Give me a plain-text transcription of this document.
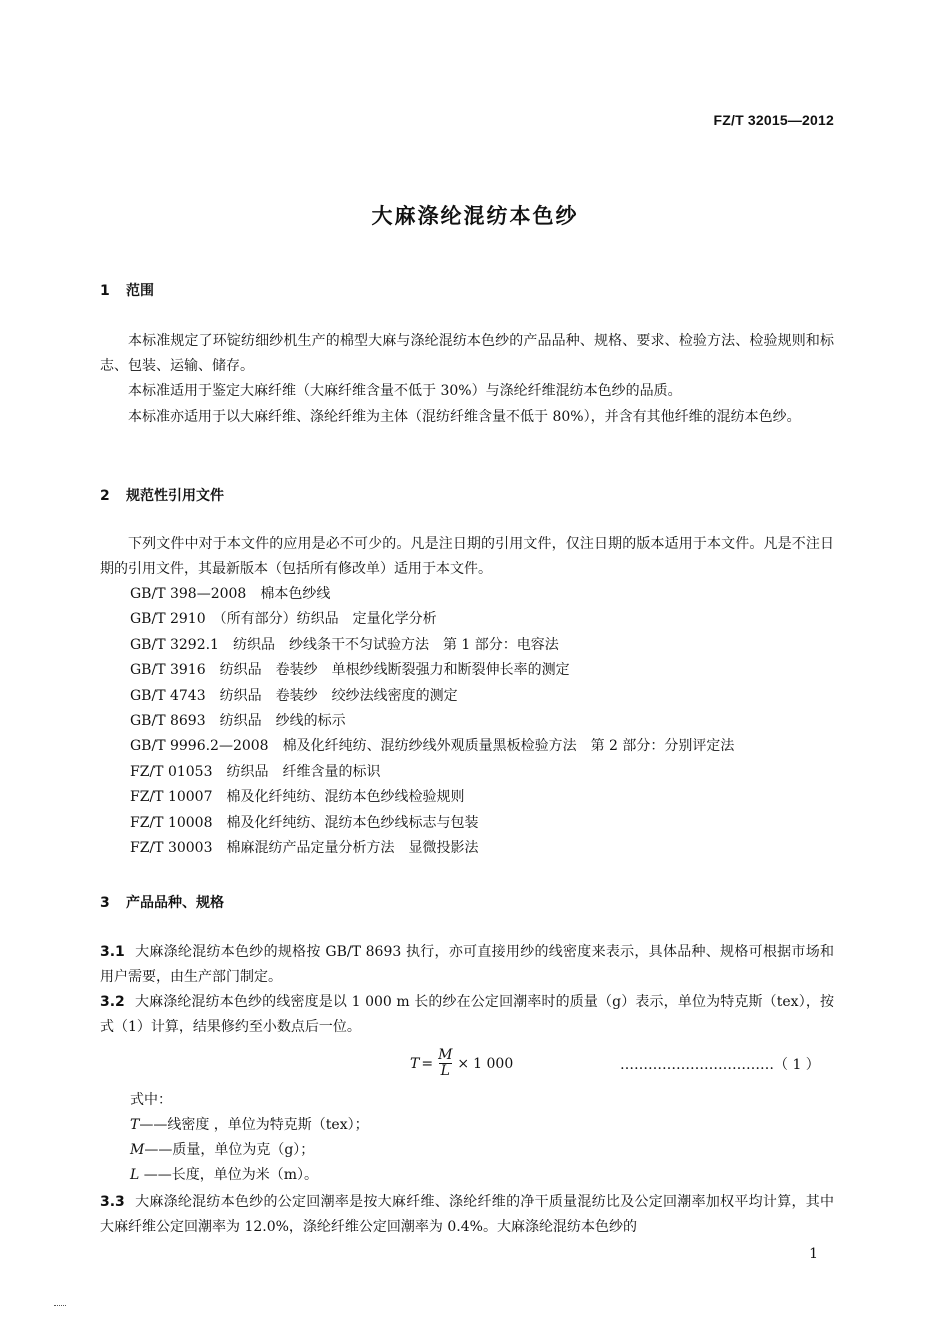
FZ/T 32015—2012
大麻涤纶混纺本色纱
1 范围
本标准规定了环锭纺细纱机生产的棉型大麻与涤纶混纺本色纱的产品品种、规格、要求、检验方法、检验规则和标志、包装、运输、储存。
本标准适用于鉴定大麻纤维（大麻纤维含量不低于 30%）与涤纶纤维混纺本色纱的品质。
本标准亦适用于以大麻纤维、涤纶纤维为主体（混纺纤维含量不低于 80%），并含有其他纤维的混纺本色纱。
2 规范性引用文件
下列文件中对于本文件的应用是必不可少的。凡是注日期的引用文件，仅注日期的版本适用于本文件。凡是不注日期的引用文件，其最新版本（包括所有修改单）适用于本文件。
GB/T 398—2008　棉本色纱线
GB/T 2910　（所有部分）纺织品　定量化学分析
GB/T 3292.1　纺织品　纱线条干不匀试验方法　第 1 部分：电容法
GB/T 3916　纺织品　卷装纱　单根纱线断裂强力和断裂伸长率的测定
GB/T 4743　纺织品　卷装纱　绞纱法线密度的测定
GB/T 8693　纺织品　纱线的标示
GB/T 9996.2—2008　棉及化纤纯纺、混纺纱线外观质量黑板检验方法　第 2 部分：分别评定法
FZ/T 01053　纺织品　纤维含量的标识
FZ/T 10007　棉及化纤纯纺、混纺本色纱线检验规则
FZ/T 10008　棉及化纤纯纺、混纺本色纱线标志与包装
FZ/T 30003　棉麻混纺产品定量分析方法　显微投影法
3 产品品种、规格
3.1 大麻涤纶混纺本色纱的规格按 GB/T 8693 执行，亦可直接用纱的线密度来表示，具体品种、规格可根据市场和用户需要，由生产部门制定。
3.2 大麻涤纶混纺本色纱的线密度是以 1 000 m 长的纱在公定回潮率时的质量（g）表示，单位为特克斯（tex），按式（1）计算，结果修约至小数点后一位。
$T = \frac{M}{L} \times 1$ 000	……………………………（ 1 ）
式中：
T——线密度 ，单位为特克斯（tex）；
M——质量，单位为克（g）；
L ——长度，单位为米（m）。
3.3 大麻涤纶混纺本色纱的公定回潮率是按大麻纤维、涤纶纤维的净干质量混纺比及公定回潮率加权平均计算，其中大麻纤维公定回潮率为 12.0%，涤纶纤维公定回潮率为 0.4%。大麻涤纶混纺本色纱的
1
